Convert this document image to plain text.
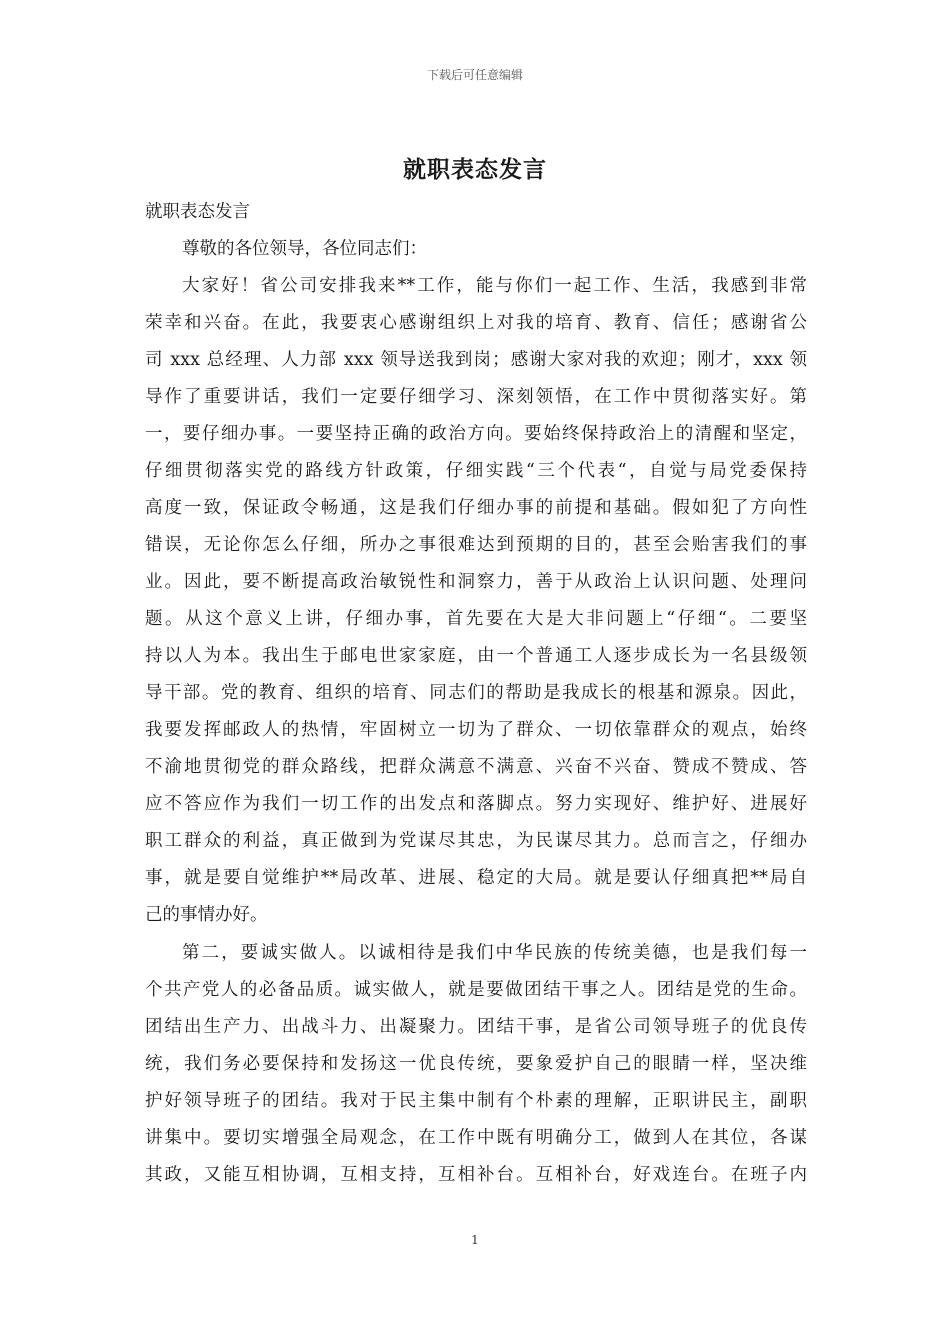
下载后可任意编辑
就职表态发言
就职表态发言
尊敬的各位领导，各位同志们：
大家好！省公司安排我来**工作，能与你们一起工作、生活，我感到非常
荣幸和兴奋。在此，我要衷心感谢组织上对我的培育、教育、信任；感谢省公
司 xxx 总经理、人力部 xxx 领导送我到岗；感谢大家对我的欢迎；刚才，xxx 领
导作了重要讲话，我们一定要仔细学习、深刻领悟，在工作中贯彻落实好。第
一，要仔细办事。一要坚持正确的政治方向。要始终保持政治上的清醒和坚定，
仔细贯彻落实党的路线方针政策，仔细实践“三个代表“，自觉与局党委保持
高度一致，保证政令畅通，这是我们仔细办事的前提和基础。假如犯了方向性
错误，无论你怎么仔细，所办之事很难达到预期的目的，甚至会贻害我们的事
业。因此，要不断提高政治敏锐性和洞察力，善于从政治上认识问题、处理问
题。从这个意义上讲，仔细办事，首先要在大是大非问题上“仔细“。二要坚
持以人为本。我出生于邮电世家家庭，由一个普通工人逐步成长为一名县级领
导干部。党的教育、组织的培育、同志们的帮助是我成长的根基和源泉。因此，
我要发挥邮政人的热情，牢固树立一切为了群众、一切依靠群众的观点，始终
不渝地贯彻党的群众路线，把群众满意不满意、兴奋不兴奋、赞成不赞成、答
应不答应作为我们一切工作的出发点和落脚点。努力实现好、维护好、进展好
职工群众的利益，真正做到为党谋尽其忠，为民谋尽其力。总而言之，仔细办
事，就是要自觉维护**局改革、进展、稳定的大局。就是要认仔细真把**局自
己的事情办好。
第二，要诚实做人。以诚相待是我们中华民族的传统美德，也是我们每一
个共产党人的必备品质。诚实做人，就是要做团结干事之人。团结是党的生命。
团结出生产力、出战斗力、出凝聚力。团结干事，是省公司领导班子的优良传
统，我们务必要保持和发扬这一优良传统，要象爱护自己的眼睛一样，坚决维
护好领导班子的团结。我对于民主集中制有个朴素的理解，正职讲民主，副职
讲集中。要切实增强全局观念，在工作中既有明确分工，做到人在其位，各谋
其政，又能互相协调，互相支持，互相补台。互相补台，好戏连台。在班子内
1
